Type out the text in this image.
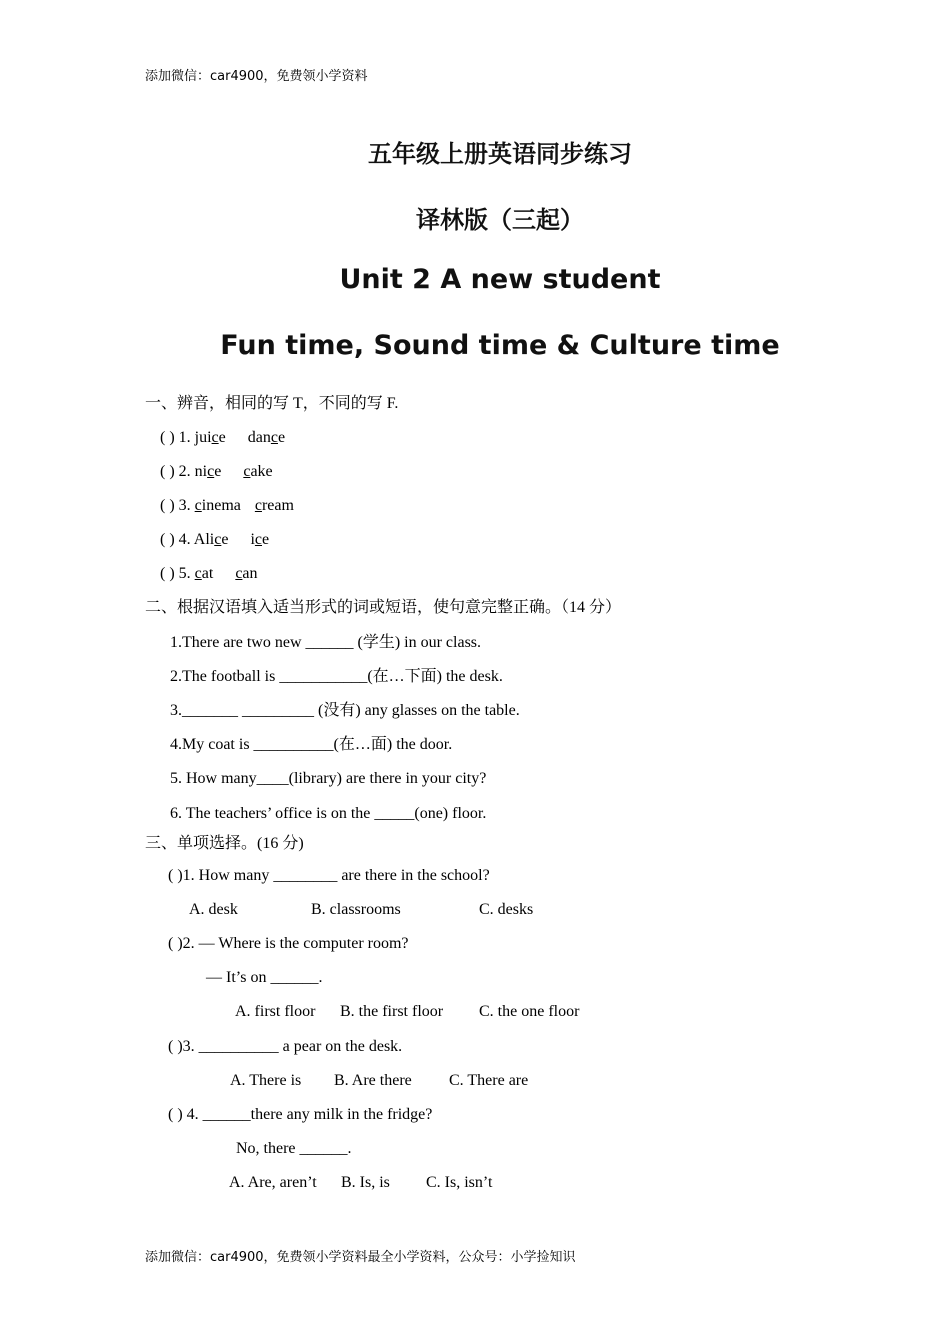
添加微信：car4900，免费领小学资料
五年级上册英语同步练习
译林版（三起）
Unit 2 A new student
Fun time, Sound time & Culture time
一、辨音，相同的写 T，不同的写 F.
( ) 1. juice dance
( ) 2. nice cake
( ) 3. cinema cream
( ) 4. Alice ice
( ) 5. cat can
二、根据汉语填入适当形式的词或短语，使句意完整正确。（14 分）
1.There are two new ______ (学生) in our class.
2.The football is ___________(在…下面) the desk.
3._______ _________ (没有) any glasses on the table.
4.My coat is __________(在…面) the door.
5. How many____(library) are there in your city?
6. The teachers’ office is on the _____(one) floor.
三、单项选择。(16 分)
( )1. How many ________ are there in the school?
A. desk	B. classrooms	C. desks
( )2. — Where is the computer room?
— It’s on ______.
A. first floor B. the first floor C. the one floor
( )3. __________ a pear on the desk.
A. There is B. Are there C. There are
( ) 4. ______there any milk in the fridge?
No, there ______.
A. Are, aren’t B. Is, is C. Is, isn’t
添加微信：car4900，免费领小学资料最全小学资料，公众号：小学捡知识
